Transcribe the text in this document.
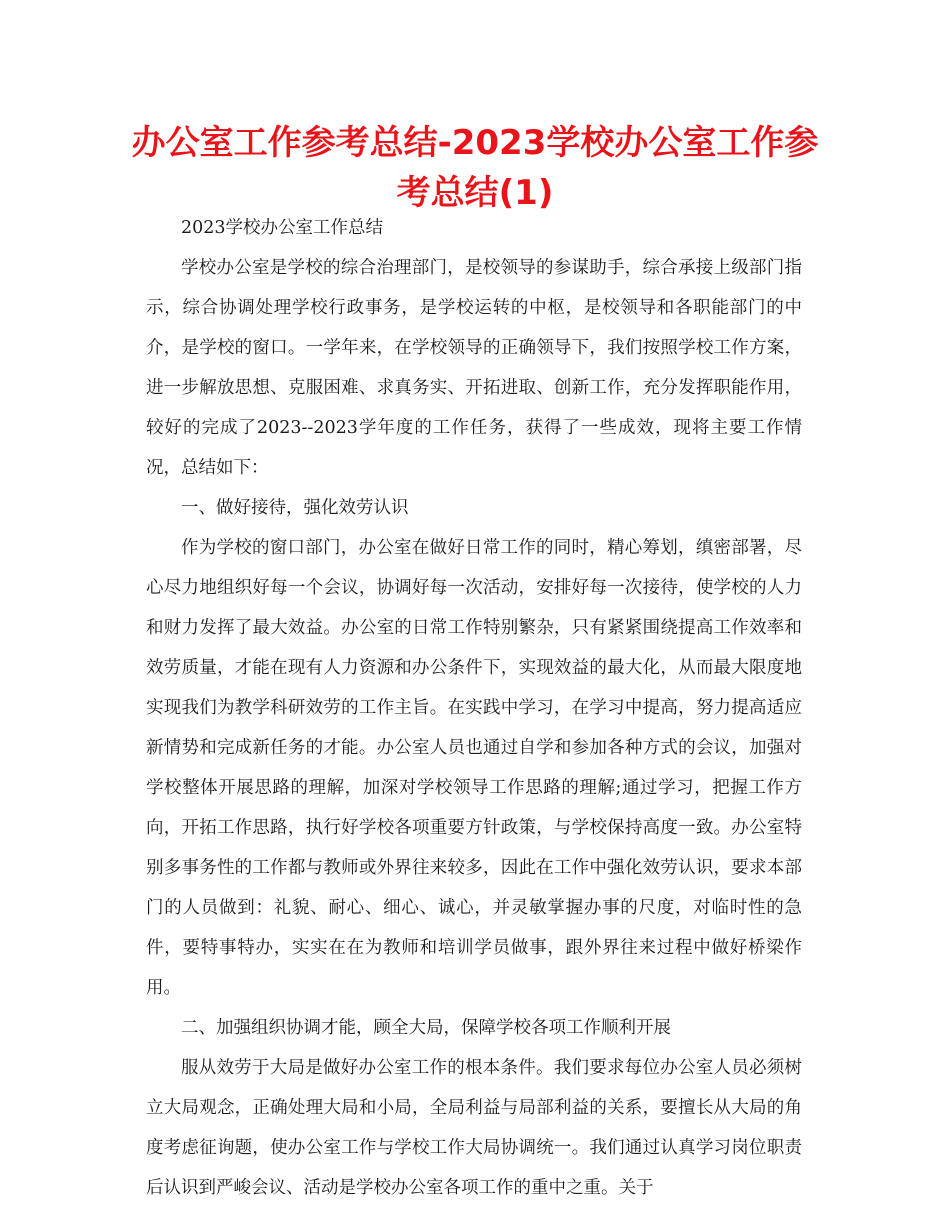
办公室工作参考总结-2023学校办公室工作参考总结(1)

2023学校办公室工作总结

学校办公室是学校的综合治理部门，是校领导的参谋助手，综合承接上级部门指示，综合协调处理学校行政事务，是学校运转的中枢，是校领导和各职能部门的中介，是学校的窗口。一学年来，在学校领导的正确领导下，我们按照学校工作方案，进一步解放思想、克服困难、求真务实、开拓进取、创新工作，充分发挥职能作用，较好的完成了2023--2023学年度的工作任务，获得了一些成效，现将主要工作情况，总结如下：

一、做好接待，强化效劳认识

作为学校的窗口部门，办公室在做好日常工作的同时，精心筹划，缜密部署，尽心尽力地组织好每一个会议，协调好每一次活动，安排好每一次接待，使学校的人力和财力发挥了最大效益。办公室的日常工作特别繁杂，只有紧紧围绕提高工作效率和效劳质量，才能在现有人力资源和办公条件下，实现效益的最大化，从而最大限度地实现我们为教学科研效劳的工作主旨。在实践中学习，在学习中提高，努力提高适应新情势和完成新任务的才能。办公室人员也通过自学和参加各种方式的会议，加强对学校整体开展思路的理解，加深对学校领导工作思路的理解;通过学习，把握工作方向，开拓工作思路，执行好学校各项重要方针政策，与学校保持高度一致。办公室特别多事务性的工作都与教师或外界往来较多，因此在工作中强化效劳认识，要求本部门的人员做到：礼貌、耐心、细心、诚心，并灵敏掌握办事的尺度，对临时性的急件，要特事特办，实实在在为教师和培训学员做事，跟外界往来过程中做好桥梁作用。

二、加强组织协调才能，顾全大局，保障学校各项工作顺利开展

服从效劳于大局是做好办公室工作的根本条件。我们要求每位办公室人员必须树立大局观念，正确处理大局和小局，全局利益与局部利益的关系，要擅长从大局的角度考虑征询题，使办公室工作与学校工作大局协调统一。我们通过认真学习岗位职责后认识到严峻会议、活动是学校办公室各项工作的重中之重。关于
